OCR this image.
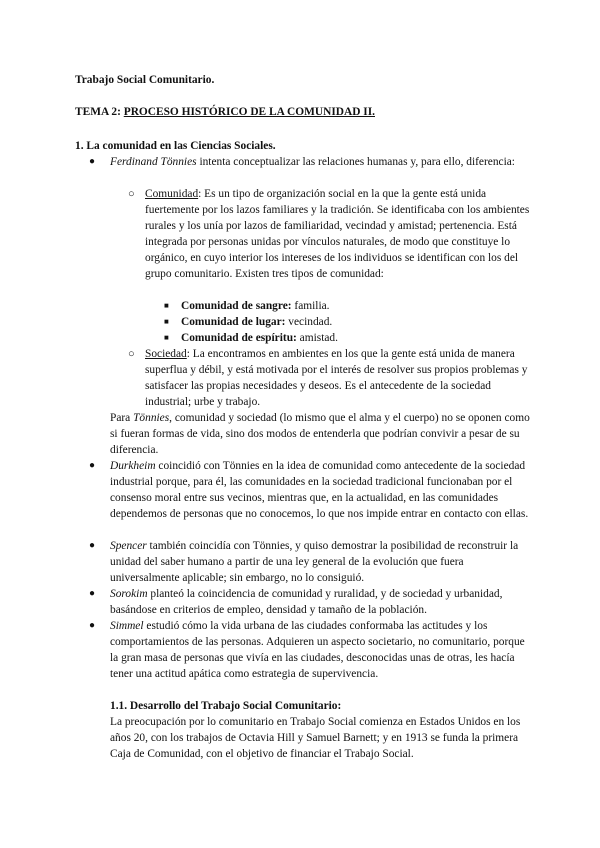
Trabajo Social Comunitario.
TEMA 2: PROCESO HISTÓRICO DE LA COMUNIDAD II.
1. La comunidad en las Ciencias Sociales.
● Ferdinand Tönnies intenta conceptualizar las relaciones humanas y, para ello, diferencia:

○ Comunidad: Es un tipo de organización social en la que la gente está unida fuertemente por los lazos familiares y la tradición. Se identificaba con los ambientes rurales y los unía por lazos de familiaridad, vecindad y amistad; pertenencia. Está integrada por personas unidas por vínculos naturales, de modo que constituye lo orgánico, en cuyo interior los intereses de los individuos se identifican con los del grupo comunitario. Existen tres tipos de comunidad:

■ Comunidad de sangre: familia.

■ Comunidad de lugar: vecindad.

■ Comunidad de espíritu: amistad.

○ Sociedad: La encontramos en ambientes en los que la gente está unida de manera superflua y débil, y está motivada por el interés de resolver sus propios problemas y satisfacer las propias necesidades y deseos. Es el antecedente de la sociedad industrial; urbe y trabajo.

Para Tönnies, comunidad y sociedad (lo mismo que el alma y el cuerpo) no se oponen como si fueran formas de vida, sino dos modos de entenderla que podrían convivir a pesar de su diferencia.

● Durkheim coincidió con Tönnies en la idea de comunidad como antecedente de la sociedad industrial porque, para él, las comunidades en la sociedad tradicional funcionaban por el consenso moral entre sus vecinos, mientras que, en la actualidad, en las comunidades dependemos de personas que no conocemos, lo que nos impide entrar en contacto con ellas.

● Spencer también coincidía con Tönnies, y quiso demostrar la posibilidad de reconstruir la unidad del saber humano a partir de una ley general de la evolución que fuera universalmente aplicable; sin embargo, no lo consiguió.

● Sorokim planteó la coincidencia de comunidad y ruralidad, y de sociedad y urbanidad, basándose en criterios de empleo, densidad y tamaño de la población.

● Simmel estudió cómo la vida urbana de las ciudades conformaba las actitudes y los comportamientos de las personas. Adquieren un aspecto societario, no comunitario, porque la gran masa de personas que vivía en las ciudades, desconocidas unas de otras, les hacía tener una actitud apática como estrategia de supervivencia.

1.1. Desarrollo del Trabajo Social Comunitario:

La preocupación por lo comunitario en Trabajo Social comienza en Estados Unidos en los años 20, con los trabajos de Octavia Hill y Samuel Barnett; y en 1913 se funda la primera Caja de Comunidad, con el objetivo de financiar el Trabajo Social.
